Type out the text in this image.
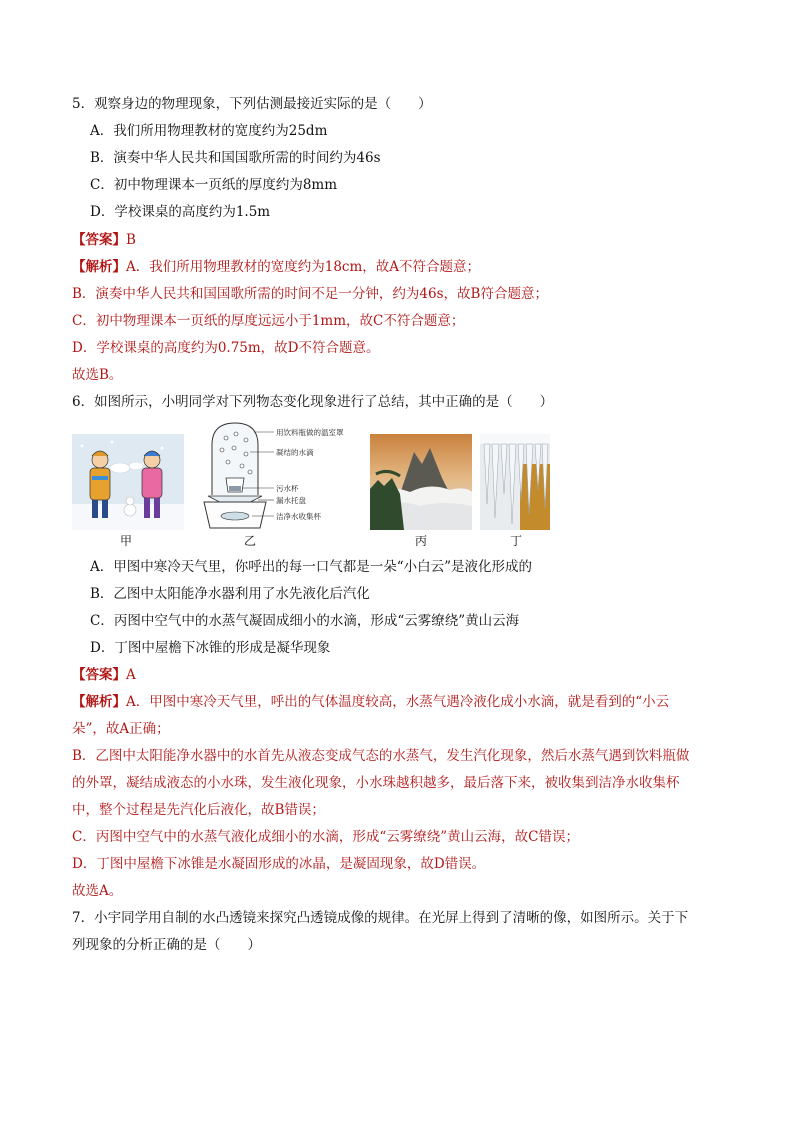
5．观察身边的物理现象，下列估测最接近实际的是（　　）
A．我们所用物理教材的宽度约为25dm
B．演奏中华人民共和国国歌所需的时间约为46s
C．初中物理课本一页纸的厚度约为8mm
D．学校课桌的高度约为1.5m
【答案】B
【解析】A．我们所用物理教材的宽度约为18cm，故A不符合题意；
B．演奏中华人民共和国国歌所需的时间不足一分钟，约为46s，故B符合题意；
C．初中物理课本一页纸的厚度远远小于1mm，故C不符合题意；
D．学校课桌的高度约为0.75m，故D不符合题意。
故选B。
6．如图所示，小明同学对下列物态变化现象进行了总结，其中正确的是（　　）
甲
用饮料瓶做的温室罩
凝结的水滴
污水杯
漏水托盘
洁净水收集杯
乙	丙	丁
A．甲图中寒冷天气里，你呼出的每一口气都是一朵“小白云”是液化形成的
B．乙图中太阳能净水器利用了水先液化后汽化
C．丙图中空气中的水蒸气凝固成细小的水滴，形成“云雾缭绕”黄山云海
D．丁图中屋檐下冰锥的形成是凝华现象
【答案】A
【解析】A．甲图中寒冷天气里，呼出的气体温度较高，水蒸气遇冷液化成小水滴，就是看到的“小云
朵”，故A正确；
B．乙图中太阳能净水器中的水首先从液态变成气态的水蒸气，发生汽化现象，然后水蒸气遇到饮料瓶做
的外罩，凝结成液态的小水珠，发生液化现象，小水珠越积越多，最后落下来，被收集到洁净水收集杯
中，整个过程是先汽化后液化，故B错误；
C．丙图中空气中的水蒸气液化成细小的水滴，形成“云雾缭绕”黄山云海，故C错误；
D．丁图中屋檐下冰锥是水凝固形成的冰晶，是凝固现象，故D错误。
故选A。
7．小宇同学用自制的水凸透镜来探究凸透镜成像的规律。在光屏上得到了清晰的像，如图所示。关于下
列现象的分析正确的是（　　）
